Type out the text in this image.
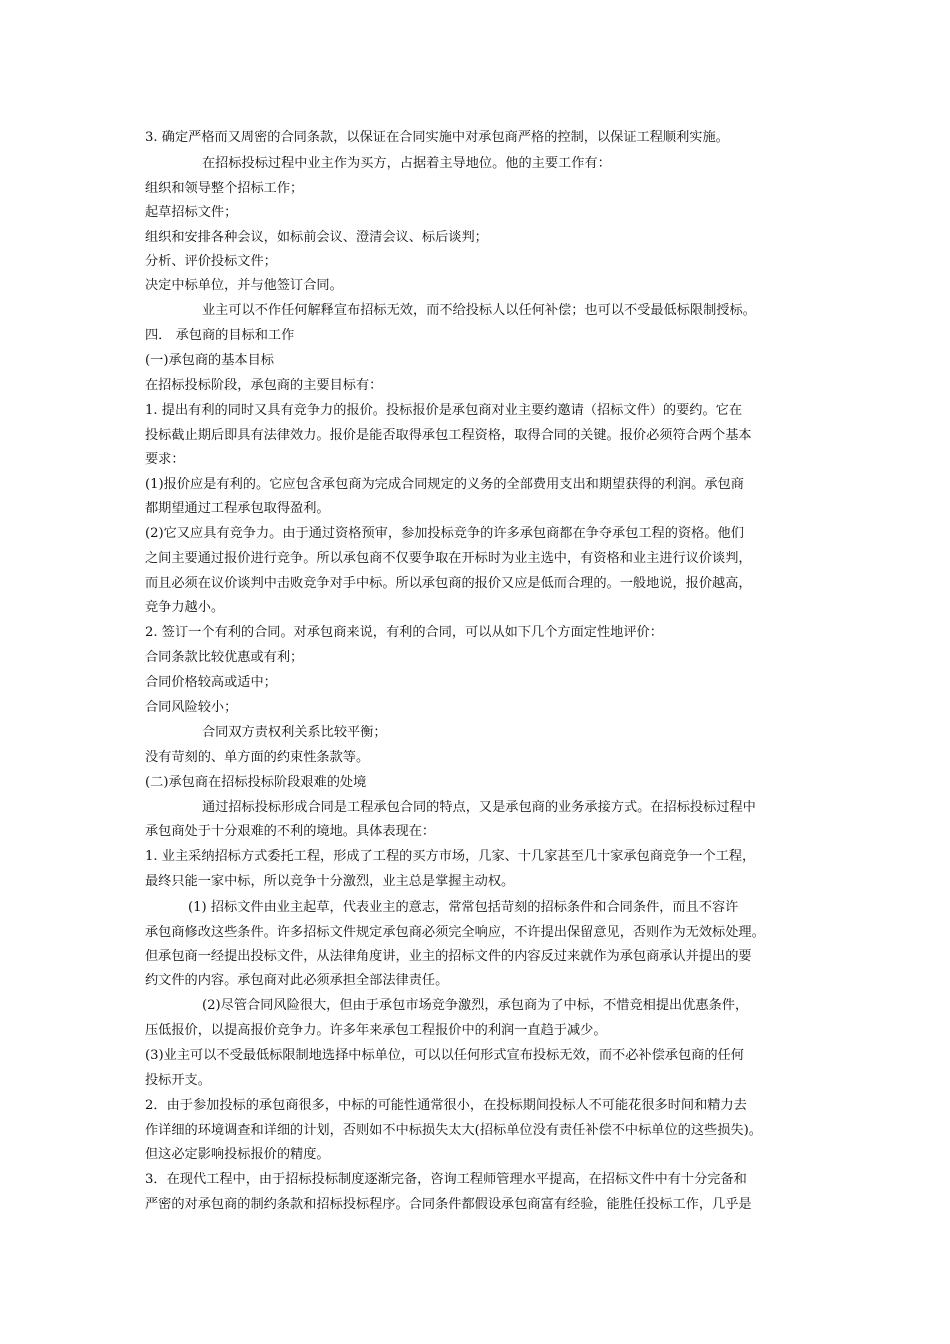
3. 确定严格而又周密的合同条款，以保证在合同实施中对承包商严格的控制，以保证工程顺利实施。
在招标投标过程中业主作为买方，占据着主导地位。他的主要工作有：
组织和领导整个招标工作；
起草招标文件；
组织和安排各种会议，如标前会议、澄清会议、标后谈判；
分析、评价投标文件；
决定中标单位，并与他签订合同。
业主可以不作任何解释宣布招标无效，而不给投标人以任何补偿；也可以不受最低标限制授标。
四． 承包商的目标和工作
(一)承包商的基本目标
在招标投标阶段，承包商的主要目标有：
1. 提出有利的同时又具有竞争力的报价。投标报价是承包商对业主要约邀请（招标文件）的要约。它在
投标截止期后即具有法律效力。报价是能否取得承包工程资格，取得合同的关键。报价必须符合两个基本
要求：
(1)报价应是有利的。它应包含承包商为完成合同规定的义务的全部费用支出和期望获得的利润。承包商
都期望通过工程承包取得盈利。
(2)它又应具有竞争力。由于通过资格预审，参加投标竞争的许多承包商都在争夺承包工程的资格。他们
之间主要通过报价进行竞争。所以承包商不仅要争取在开标时为业主选中，有资格和业主进行议价谈判，
而且必须在议价谈判中击败竞争对手中标。所以承包商的报价又应是低而合理的。一般地说，报价越高，
竞争力越小。
2. 签订一个有利的合同。对承包商来说，有利的合同，可以从如下几个方面定性地评价：
合同条款比较优惠或有利；
合同价格较高或适中；
合同风险较小；
合同双方责权利关系比较平衡；
没有苛刻的、单方面的约束性条款等。
(二)承包商在招标投标阶段艰难的处境
通过招标投标形成合同是工程承包合同的特点，又是承包商的业务承接方式。在招标投标过程中
承包商处于十分艰难的不利的境地。具体表现在：
1. 业主采纳招标方式委托工程，形成了工程的买方市场，几家、十几家甚至几十家承包商竞争一个工程，
最终只能一家中标，所以竞争十分激烈，业主总是掌握主动权。
(1) 招标文件由业主起草，代表业主的意志，常常包括苛刻的招标条件和合同条件，而且不容许
承包商修改这些条件。许多招标文件规定承包商必须完全响应，不许提出保留意见，否则作为无效标处理。
但承包商一经提出投标文件，从法律角度讲，业主的招标文件的内容反过来就作为承包商承认并提出的要
约文件的内容。承包商对此必须承担全部法律责任。
(2)尽管合同风险很大，但由于承包市场竞争激烈，承包商为了中标，不惜竞相提出优惠条件，
压低报价，以提高报价竞争力。许多年来承包工程报价中的利润一直趋于减少。
(3)业主可以不受最低标限制地选择中标单位，可以以任何形式宣布投标无效，而不必补偿承包商的任何
投标开支。
2．由于参加投标的承包商很多，中标的可能性通常很小，在投标期间投标人不可能花很多时间和精力去
作详细的环境调查和详细的计划，否则如不中标损失太大(招标单位没有责任补偿不中标单位的这些损失)。
但这必定影响投标报价的精度。
3．在现代工程中，由于招标投标制度逐渐完备，咨询工程师管理水平提高，在招标文件中有十分完备和
严密的对承包商的制约条款和招标投标程序。合同条件都假设承包商富有经验，能胜任投标工作，几乎是
